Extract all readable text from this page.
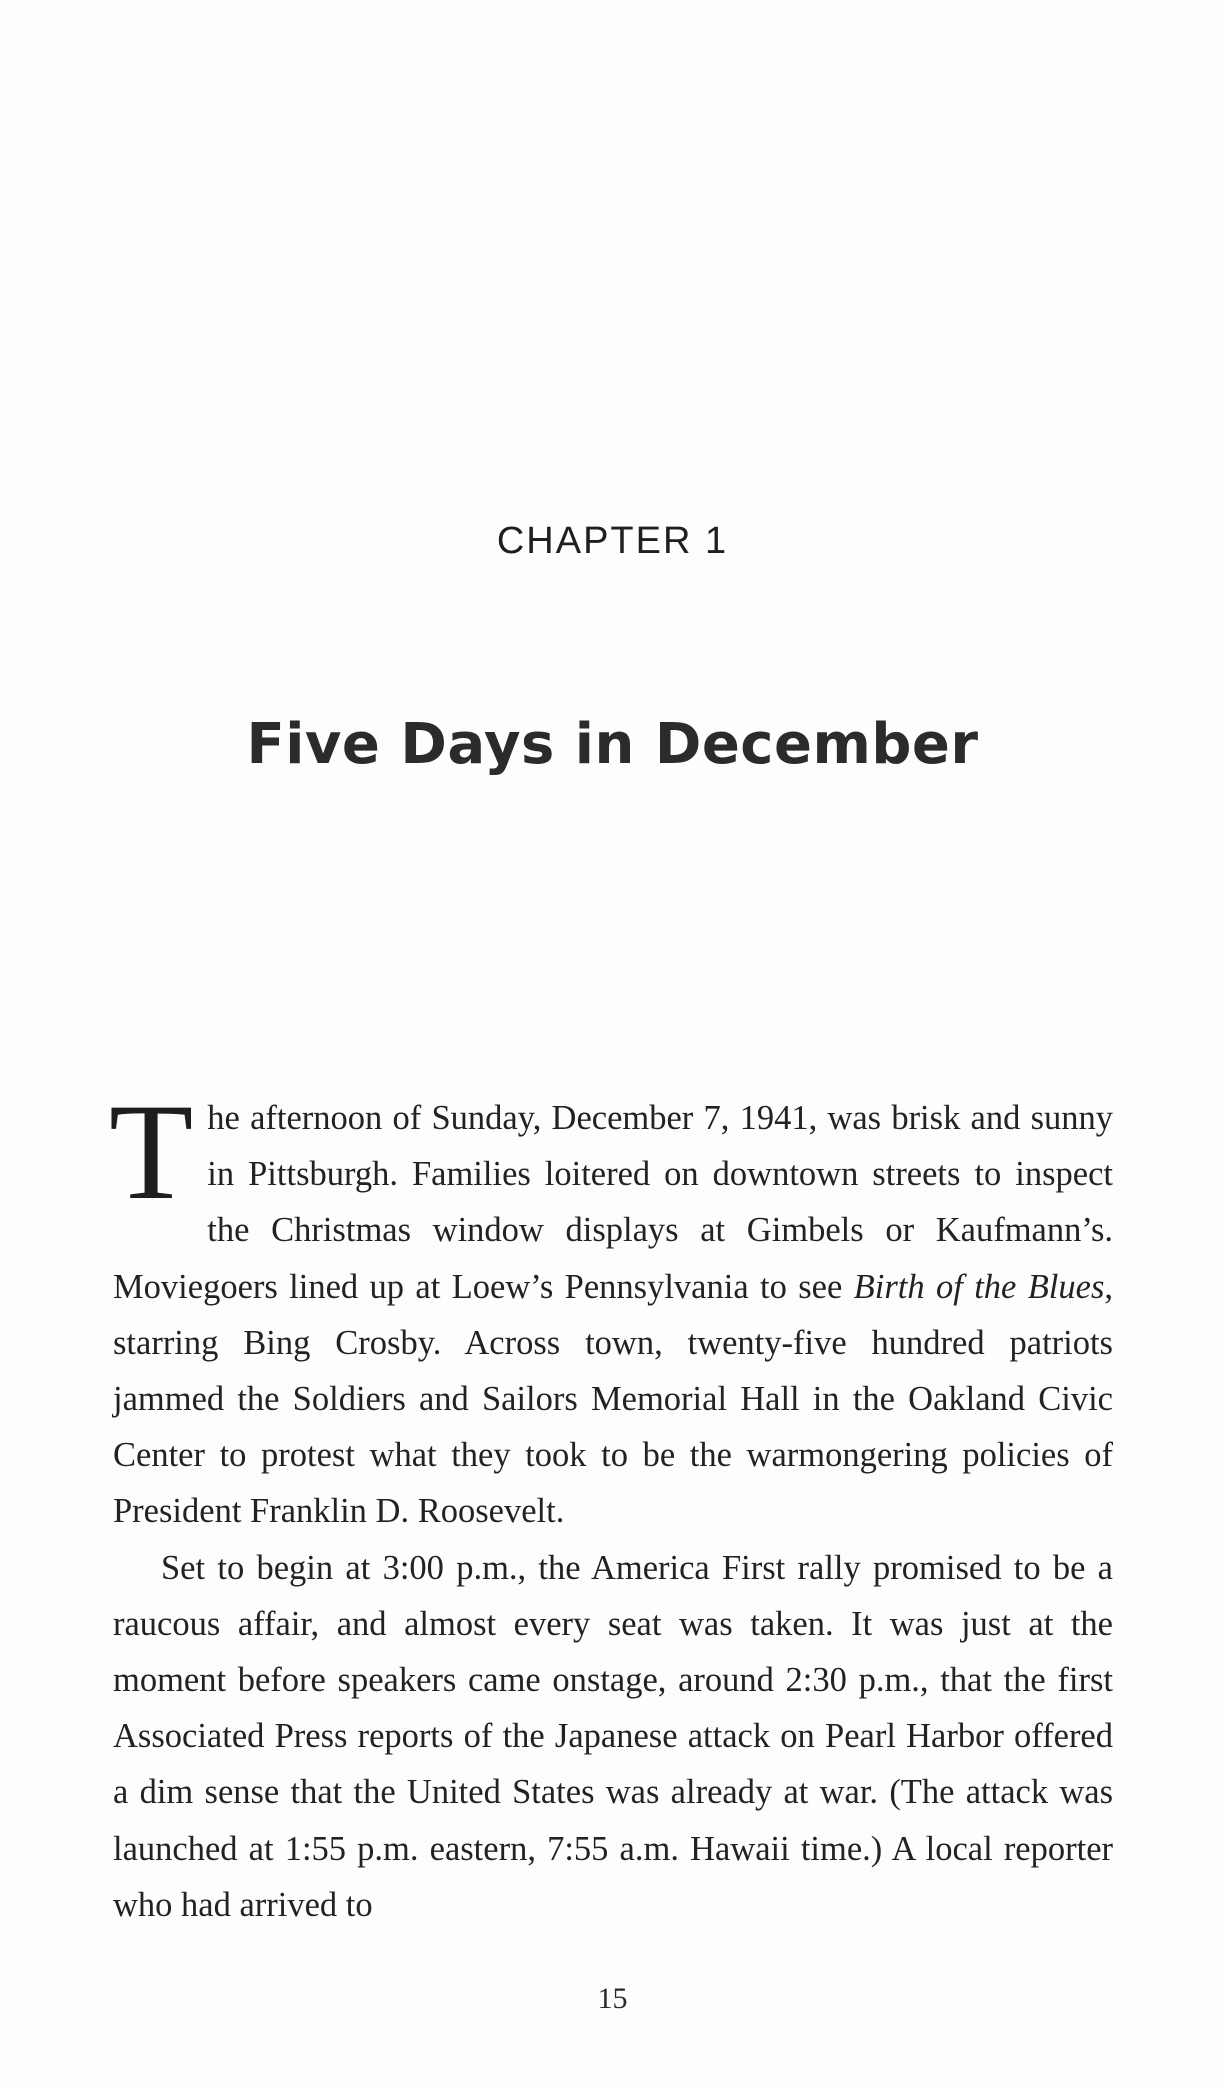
CHAPTER 1
Five Days in December

The afternoon of Sunday, December 7, 1941, was brisk and sunny in Pittsburgh. Families loitered on downtown streets to inspect the Christmas window displays at Gimbels or Kaufmann’s. Moviegoers lined up at Loew’s Pennsylvania to see Birth of the Blues, starring Bing Crosby. Across town, twenty-five hundred patriots jammed the Soldiers and Sailors Memorial Hall in the Oakland Civic Center to protest what they took to be the warmongering policies of President Franklin D. Roosevelt.

Set to begin at 3:00 p.m., the America First rally promised to be a raucous affair, and almost every seat was taken. It was just at the moment before speakers came onstage, around 2:30 p.m., that the first Associated Press reports of the Japanese attack on Pearl Harbor offered a dim sense that the United States was already at war. (The attack was launched at 1:55 p.m. eastern, 7:55 a.m. Hawaii time.) A local reporter who had arrived to

15
